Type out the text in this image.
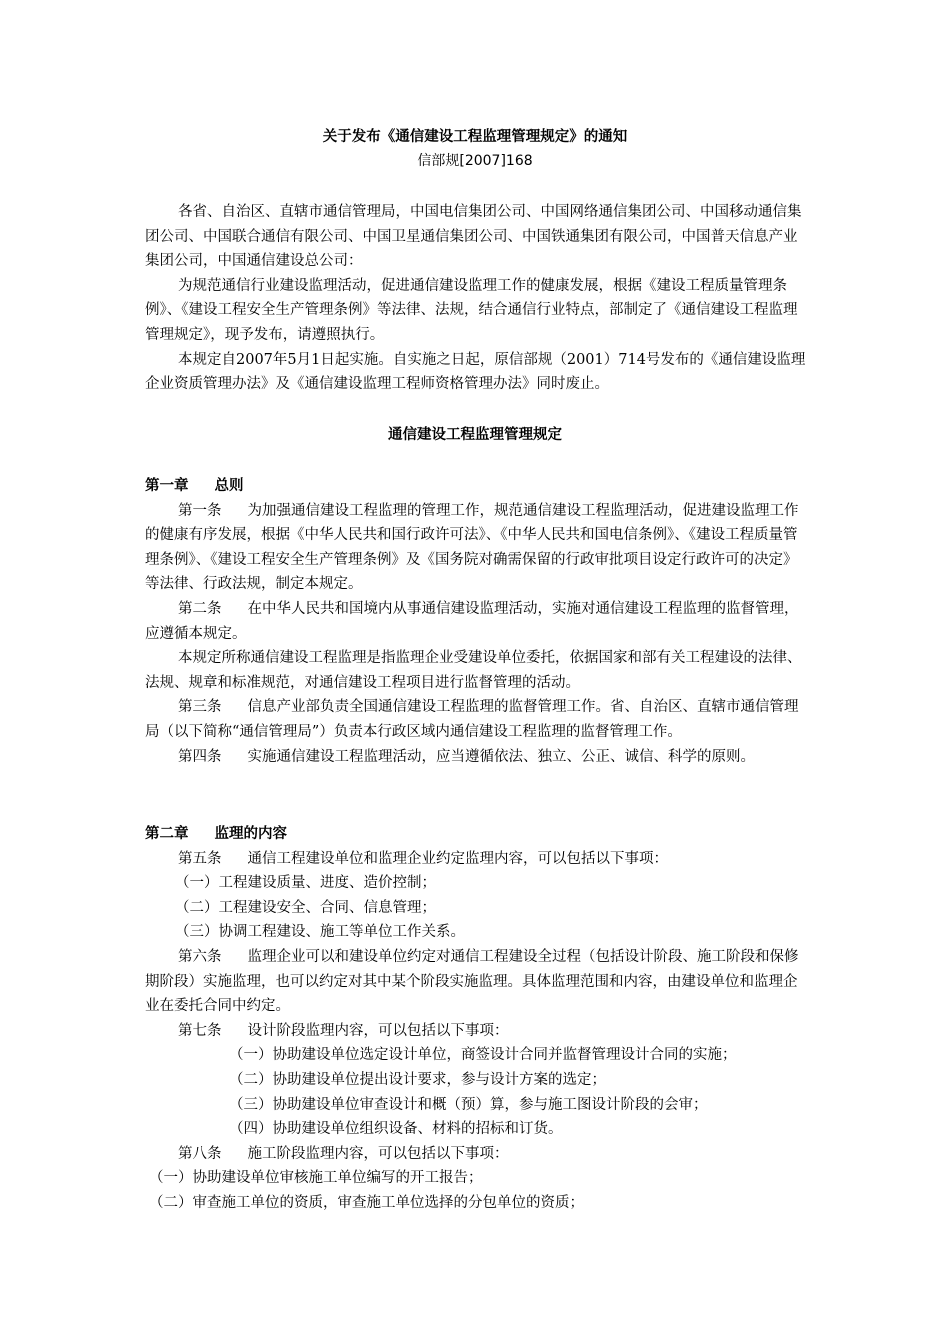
关于发布《通信建设工程监理管理规定》的通知
信部规[2007]168

各省、自治区、直辖市通信管理局，中国电信集团公司、中国网络通信集团公司、中国移动通信集团公司、中国联合通信有限公司、中国卫星通信集团公司、中国铁通集团有限公司，中国普天信息产业集团公司，中国通信建设总公司：

为规范通信行业建设监理活动，促进通信建设监理工作的健康发展，根据《建设工程质量管理条例》、《建设工程安全生产管理条例》等法律、法规，结合通信行业特点，部制定了《通信建设工程监理管理规定》，现予发布，请遵照执行。

本规定自2007年5月1日起实施。自实施之日起，原信部规（2001）714号发布的《通信建设监理企业资质管理办法》及《通信建设监理工程师资格管理办法》同时废止。

通信建设工程监理管理规定

第一章 总则

第一条 为加强通信建设工程监理的管理工作，规范通信建设工程监理活动，促进建设监理工作的健康有序发展，根据《中华人民共和国行政许可法》、《中华人民共和国电信条例》、《建设工程质量管理条例》、《建设工程安全生产管理条例》及《国务院对确需保留的行政审批项目设定行政许可的决定》等法律、行政法规，制定本规定。

第二条 在中华人民共和国境内从事通信建设监理活动，实施对通信建设工程监理的监督管理，应遵循本规定。

本规定所称通信建设工程监理是指监理企业受建设单位委托，依据国家和部有关工程建设的法律、法规、规章和标准规范，对通信建设工程项目进行监督管理的活动。

第三条 信息产业部负责全国通信建设工程监理的监督管理工作。省、自治区、直辖市通信管理局（以下简称“通信管理局”）负责本行政区域内通信建设工程监理的监督管理工作。

第四条 实施通信建设工程监理活动，应当遵循依法、独立、公正、诚信、科学的原则。

第二章 监理的内容

第五条 通信工程建设单位和监理企业约定监理内容，可以包括以下事项：

（一）工程建设质量、进度、造价控制；

（二）工程建设安全、合同、信息管理；

（三）协调工程建设、施工等单位工作关系。

第六条 监理企业可以和建设单位约定对通信工程建设全过程（包括设计阶段、施工阶段和保修期阶段）实施监理，也可以约定对其中某个阶段实施监理。具体监理范围和内容，由建设单位和监理企业在委托合同中约定。

第七条 设计阶段监理内容，可以包括以下事项：

（一）协助建设单位选定设计单位，商签设计合同并监督管理设计合同的实施；

（二）协助建设单位提出设计要求，参与设计方案的选定；

（三）协助建设单位审查设计和概（预）算，参与施工图设计阶段的会审；

（四）协助建设单位组织设备、材料的招标和订货。

第八条 施工阶段监理内容，可以包括以下事项：

（一）协助建设单位审核施工单位编写的开工报告；

（二）审查施工单位的资质，审查施工单位选择的分包单位的资质；
